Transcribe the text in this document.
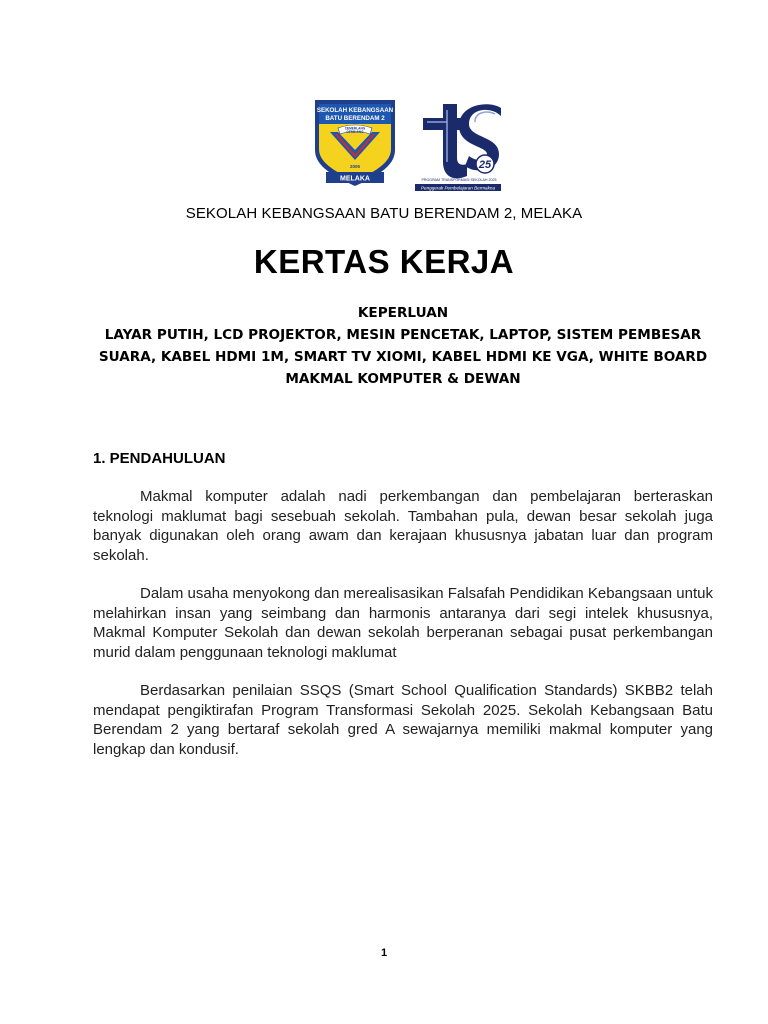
SEKOLAH KEBANGSAAN
BATU BERENDAM 2
CEMERLANG
GEMILANG
2005
MELAKA
25
PROGRAM TRANSFORMASI SEKOLAH 2025
Penggerak Pembelajaran Bermakna
SEKOLAH KEBANGSAAN BATU BERENDAM 2, MELAKA
KERTAS KERJA
KEPERLUAN
LAYAR PUTIH, LCD PROJEKTOR, MESIN PENCETAK, LAPTOP, SISTEM PEMBESAR
SUARA, KABEL HDMI 1M, SMART TV XIOMI, KABEL HDMI KE VGA, WHITE BOARD
MAKMAL KOMPUTER & DEWAN
1. PENDAHULUAN

Makmal komputer adalah nadi perkembangan dan pembelajaran berteraskan teknologi maklumat bagi sesebuah sekolah. Tambahan pula, dewan besar sekolah juga banyak digunakan oleh orang awam dan kerajaan khususnya jabatan luar dan program sekolah.

Dalam usaha menyokong dan merealisasikan Falsafah Pendidikan Kebangsaan untuk melahirkan insan yang seimbang dan harmonis antaranya dari segi intelek khususnya, Makmal Komputer Sekolah dan dewan sekolah berperanan sebagai pusat perkembangan murid dalam penggunaan teknologi maklumat

Berdasarkan penilaian SSQS (Smart School Qualification Standards) SKBB2 telah mendapat pengiktirafan Program Transformasi Sekolah 2025. Sekolah Kebangsaan Batu Berendam 2 yang bertaraf sekolah gred A sewajarnya memiliki makmal komputer yang lengkap dan kondusif.

1
